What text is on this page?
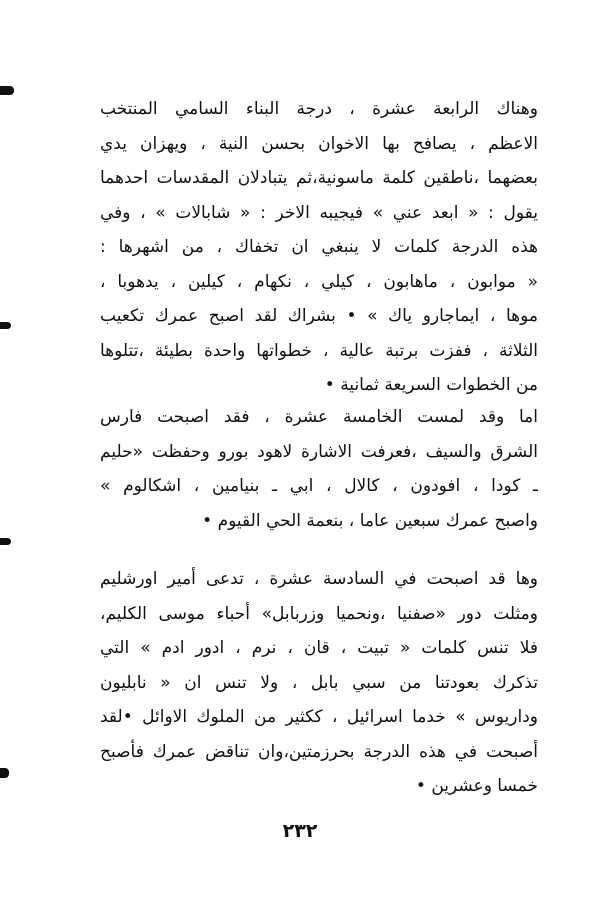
وهناك الرابعة عشرة ، درجة البناء السامي المنتخب
الاعظم ، يصافح بها الاخوان بحسن النية ، ويهزان يدي
بعضهما ،ناطقين كلمة ماسونية،ثم يتبادلان المقدسات احدهما
يقول : « ابعد عني » فيجيبه الاخر : « شابالات » ، وفي
هذه الدرجة كلمات لا ينبغي ان تخفاك ، من اشهرها :
« موابون ، ماهابون ، كيلي ، نكهام ، كيلين ، يدهوبا ،
موها ، ايماجارو ياك » • بشراك لقد اصبح عمرك تكعيب
الثلاثة ، ففزت برتبة عالية ، خطواتها واحدة بطيئة ،تتلوها
من الخطوات السريعة ثمانية •
اما وقد لمست الخامسة عشرة ، فقد اصبحت فارس
الشرق والسيف ،فعرفت الاشارة لاهود بورو وحفظت «حليم
ـ كودا ، افودون ، كالال ، ابي ـ بنيامين ، اشكالوم »
واصبح عمرك سبعين عاما ، بنعمة الحي القيوم •
وها قد اصبحت في السادسة عشرة ، تدعى أمير اورشليم
ومثلت دور «صفنيا ،ونحميا وزربابل» أحباء موسى الكليم،
فلا تنس كلمات « تبيت ، قان ، نرم ، ادور ادم » التي
تذكرك بعودتنا من سبي بابل ، ولا تنس ان « نابليون
وداريوس » خدما اسرائيل ، ككثير من الملوك الاوائل •لقد
أصبحت في هذه الدرجة بحرزمتين،وان تناقض عمرك فأصبح
خمسا وعشرين •
٢٣٢
